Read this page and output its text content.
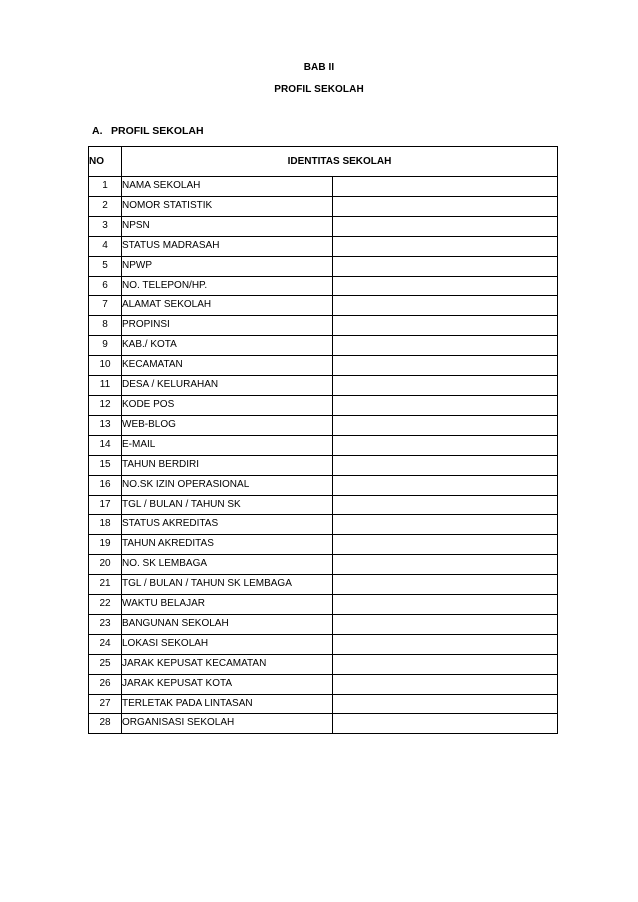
BAB II
PROFIL SEKOLAH
A. PROFIL SEKOLAH
NO	IDENTITAS SEKOLAH	
1	NAMA SEKOLAH	
2	NOMOR STATISTIK	
3	NPSN	
4	STATUS MADRASAH	
5	NPWP	
6	NO. TELEPON/HP.	
7	ALAMAT SEKOLAH	
8	PROPINSI	
9	KAB./ KOTA	
10	KECAMATAN	
11	DESA / KELURAHAN	
12	KODE POS	
13	WEB-BLOG	
14	E-MAIL	
15	TAHUN BERDIRI	
16	NO.SK IZIN OPERASIONAL	
17	TGL / BULAN / TAHUN SK	
18	STATUS AKREDITAS	
19	TAHUN AKREDITAS	
20	NO. SK LEMBAGA	
21	TGL / BULAN / TAHUN SK LEMBAGA	
22	WAKTU BELAJAR	
23	BANGUNAN SEKOLAH	
24	LOKASI SEKOLAH	
25	JARAK KEPUSAT KECAMATAN	
26	JARAK KEPUSAT KOTA	
27	TERLETAK PADA LINTASAN	
28	ORGANISASI SEKOLAH	
